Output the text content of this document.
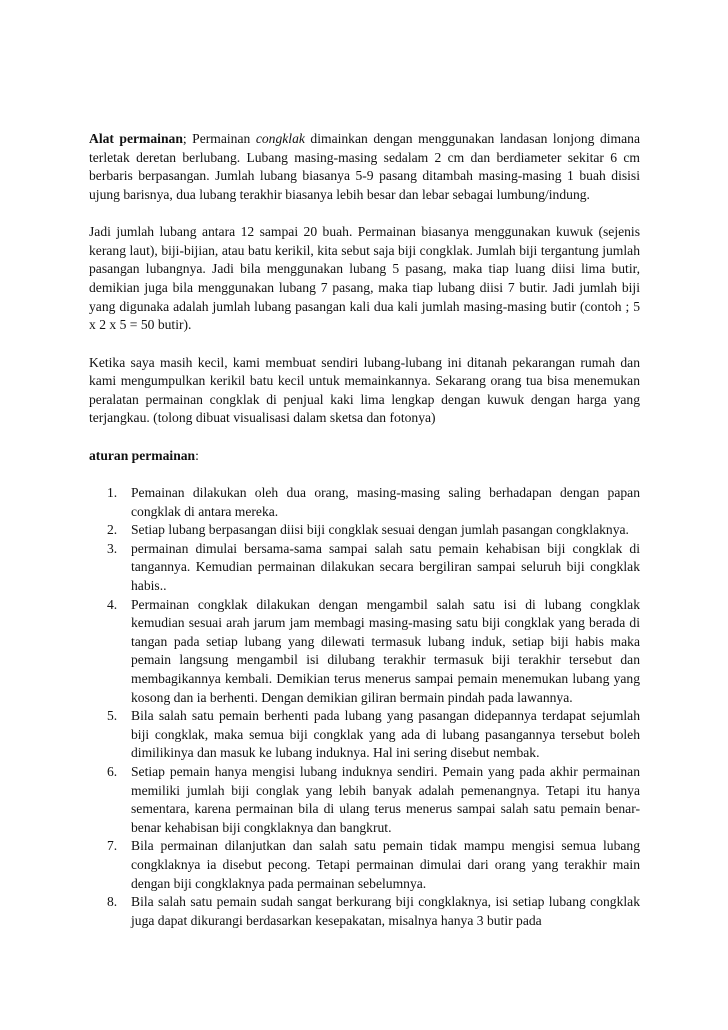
Alat permainan; Permainan congklak dimainkan dengan menggunakan landasan lonjong dimana terletak deretan berlubang. Lubang masing-masing sedalam 2 cm dan berdiameter sekitar 6 cm berbaris berpasangan. Jumlah lubang biasanya 5-9 pasang ditambah masing-masing 1 buah disisi ujung barisnya, dua lubang terakhir biasanya lebih besar dan lebar sebagai lumbung/indung.

Jadi jumlah lubang antara 12 sampai 20 buah. Permainan biasanya menggunakan kuwuk (sejenis kerang laut), biji-bijian, atau batu kerikil, kita sebut saja biji congklak. Jumlah biji tergantung jumlah pasangan lubangnya. Jadi bila menggunakan lubang 5 pasang, maka tiap luang diisi lima butir, demikian juga bila menggunakan lubang 7 pasang, maka tiap lubang diisi 7 butir. Jadi jumlah biji yang digunaka adalah jumlah lubang pasangan kali dua kali jumlah masing-masing butir (contoh ; 5 x 2 x 5 = 50 butir).

Ketika saya masih kecil, kami membuat sendiri lubang-lubang ini ditanah pekarangan rumah dan kami mengumpulkan kerikil batu kecil untuk memainkannya. Sekarang orang tua bisa menemukan peralatan permainan congklak di penjual kaki lima lengkap dengan kuwuk dengan harga yang terjangkau. (tolong dibuat visualisasi dalam sketsa dan fotonya)

aturan permainan:

1. Pemainan dilakukan oleh dua orang, masing-masing saling berhadapan dengan papan congklak di antara mereka.
2. Setiap lubang berpasangan diisi biji congklak sesuai dengan jumlah pasangan congklaknya.
3. permainan dimulai bersama-sama sampai salah satu pemain kehabisan biji congklak di tangannya. Kemudian permainan dilakukan secara bergiliran sampai seluruh biji congklak habis..
4. Permainan congklak dilakukan dengan mengambil salah satu isi di lubang congklak kemudian sesuai arah jarum jam membagi masing-masing satu biji congklak yang berada di tangan pada setiap lubang yang dilewati termasuk lubang induk, setiap biji habis maka pemain langsung mengambil isi dilubang terakhir termasuk biji terakhir tersebut dan membagikannya kembali. Demikian terus menerus sampai pemain menemukan lubang yang kosong dan ia berhenti. Dengan demikian giliran bermain pindah pada lawannya.
5. Bila salah satu pemain berhenti pada lubang yang pasangan didepannya terdapat sejumlah biji congklak, maka semua biji congklak yang ada di lubang pasangannya tersebut boleh dimilikinya dan masuk ke lubang induknya. Hal ini sering disebut nembak.
6. Setiap pemain hanya mengisi lubang induknya sendiri. Pemain yang pada akhir permainan memiliki jumlah biji conglak yang lebih banyak adalah pemenangnya. Tetapi itu hanya sementara, karena permainan bila di ulang terus menerus sampai salah satu pemain benar-benar kehabisan biji congklaknya dan bangkrut.
7. Bila permainan dilanjutkan dan salah satu pemain tidak mampu mengisi semua lubang congklaknya ia disebut pecong. Tetapi permainan dimulai dari orang yang terakhir main dengan biji congklaknya pada permainan sebelumnya.
8. Bila salah satu pemain sudah sangat berkurang biji congklaknya, isi setiap lubang congklak juga dapat dikurangi berdasarkan kesepakatan, misalnya hanya 3 butir pada
